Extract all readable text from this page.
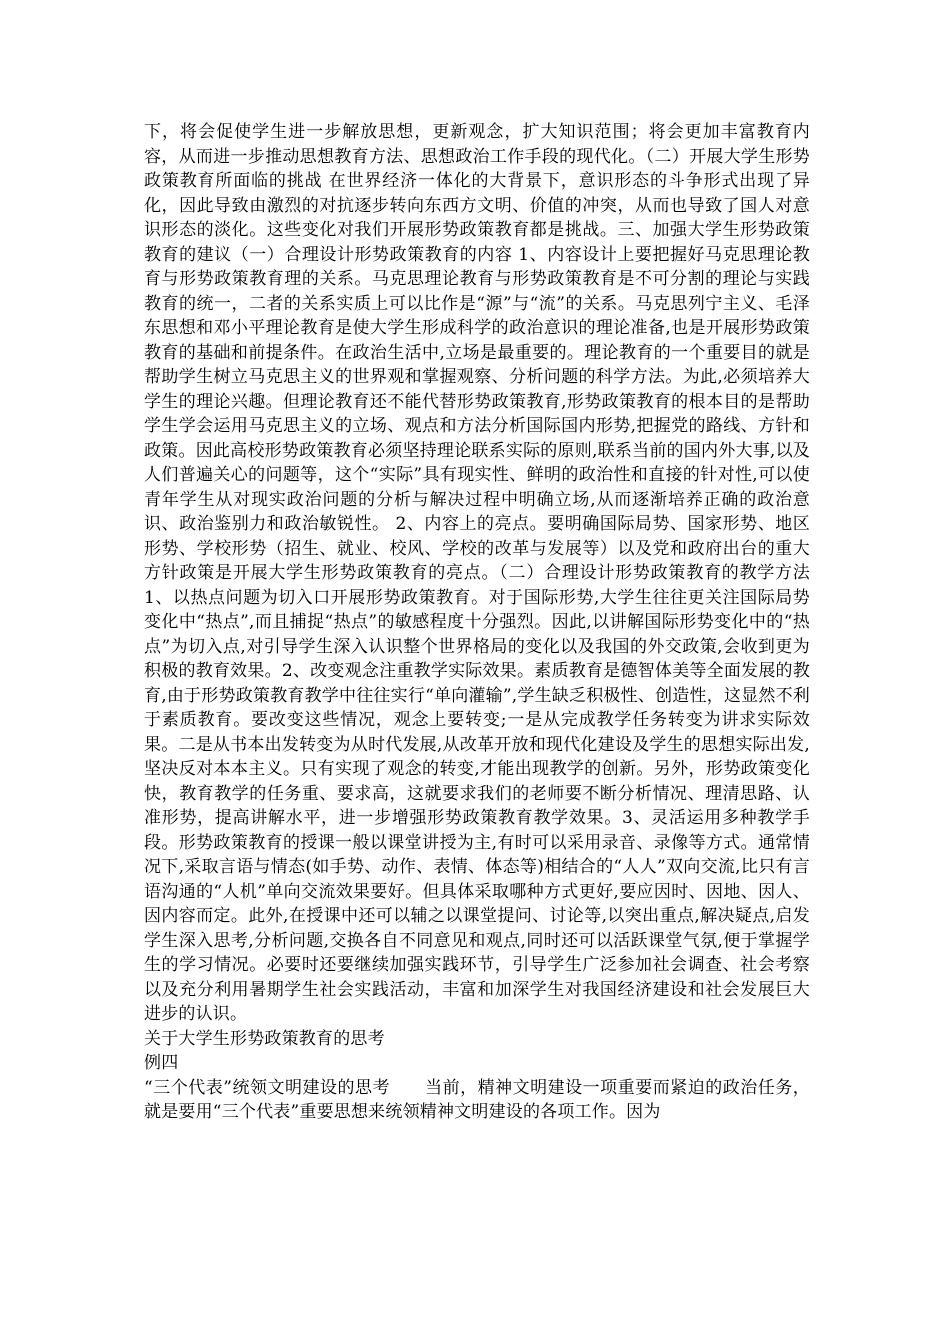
下，将会促使学生进一步解放思想，更新观念，扩大知识范围；将会更加丰富教育内容，从而进一步推动思想教育方法、思想政治工作手段的现代化。（二）开展大学生形势政策教育所面临的挑战 在世界经济一体化的大背景下，意识形态的斗争形式出现了异化，因此导致由激烈的对抗逐步转向东西方文明、价值的冲突，从而也导致了国人对意识形态的淡化。这些变化对我们开展形势政策教育都是挑战。三、加强大学生形势政策教育的建议（一）合理设计形势政策教育的内容 1、内容设计上要把握好马克思理论教育与形势政策教育理的关系。马克思理论教育与形势政策教育是不可分割的理论与实践教育的统一，二者的关系实质上可以比作是“源”与“流”的关系。马克思列宁主义、毛泽东思想和邓小平理论教育是使大学生形成科学的政治意识的理论准备,也是开展形势政策教育的基础和前提条件。在政治生活中,立场是最重要的。理论教育的一个重要目的就是帮助学生树立马克思主义的世界观和掌握观察、分析问题的科学方法。为此,必须培养大学生的理论兴趣。但理论教育还不能代替形势政策教育,形势政策教育的根本目的是帮助学生学会运用马克思主义的立场、观点和方法分析国际国内形势,把握党的路线、方针和政策。因此高校形势政策教育必须坚持理论联系实际的原则,联系当前的国内外大事,以及人们普遍关心的问题等，这个“实际”具有现实性、鲜明的政治性和直接的针对性,可以使青年学生从对现实政治问题的分析与解决过程中明确立场,从而逐渐培养正确的政治意识、政治鉴别力和政治敏锐性。 2、内容上的亮点。要明确国际局势、国家形势、地区形势、学校形势（招生、就业、校风、学校的改革与发展等）以及党和政府出台的重大方针政策是开展大学生形势政策教育的亮点。（二）合理设计形势政策教育的教学方法 1、以热点问题为切入口开展形势政策教育。对于国际形势,大学生往往更关注国际局势变化中“热点”,而且捕捉“热点”的敏感程度十分强烈。因此,以讲解国际形势变化中的“热点”为切入点,对引导学生深入认识整个世界格局的变化以及我国的外交政策,会收到更为积极的教育效果。2、改变观念注重教学实际效果。素质教育是德智体美等全面发展的教育,由于形势政策教育教学中往往实行“单向灌输”,学生缺乏积极性、创造性，这显然不利于素质教育。要改变这些情况，观念上要转变;一是从完成教学任务转变为讲求实际效果。二是从书本出发转变为从时代发展,从改革开放和现代化建设及学生的思想实际出发,坚决反对本本主义。只有实现了观念的转变,才能出现教学的创新。另外，形势政策变化快，教育教学的任务重、要求高，这就要求我们的老师要不断分析情况、理清思路、认准形势，提高讲解水平，进一步增强形势政策教育教学效果。3、灵活运用多种教学手段。形势政策教育的授课一般以课堂讲授为主,有时可以采用录音、录像等方式。通常情况下,采取言语与情态(如手势、动作、表情、体态等)相结合的“人人”双向交流,比只有言语沟通的“人机”单向交流效果要好。但具体采取哪种方式更好,要应因时、因地、因人、因内容而定。此外,在授课中还可以辅之以课堂提问、讨论等,以突出重点,解决疑点,启发学生深入思考,分析问题,交换各自不同意见和观点,同时还可以活跃课堂气氛,便于掌握学生的学习情况。必要时还要继续加强实践环节，引导学生广泛参加社会调查、社会考察以及充分利用暑期学生社会实践活动，丰富和加深学生对我国经济建设和社会发展巨大进步的认识。

关于大学生形势政策教育的思考

例四

“三个代表”统领文明建设的思考　　当前，精神文明建设一项重要而紧迫的政治任务，就是要用“三个代表”重要思想来统领精神文明建设的各项工作。因为
